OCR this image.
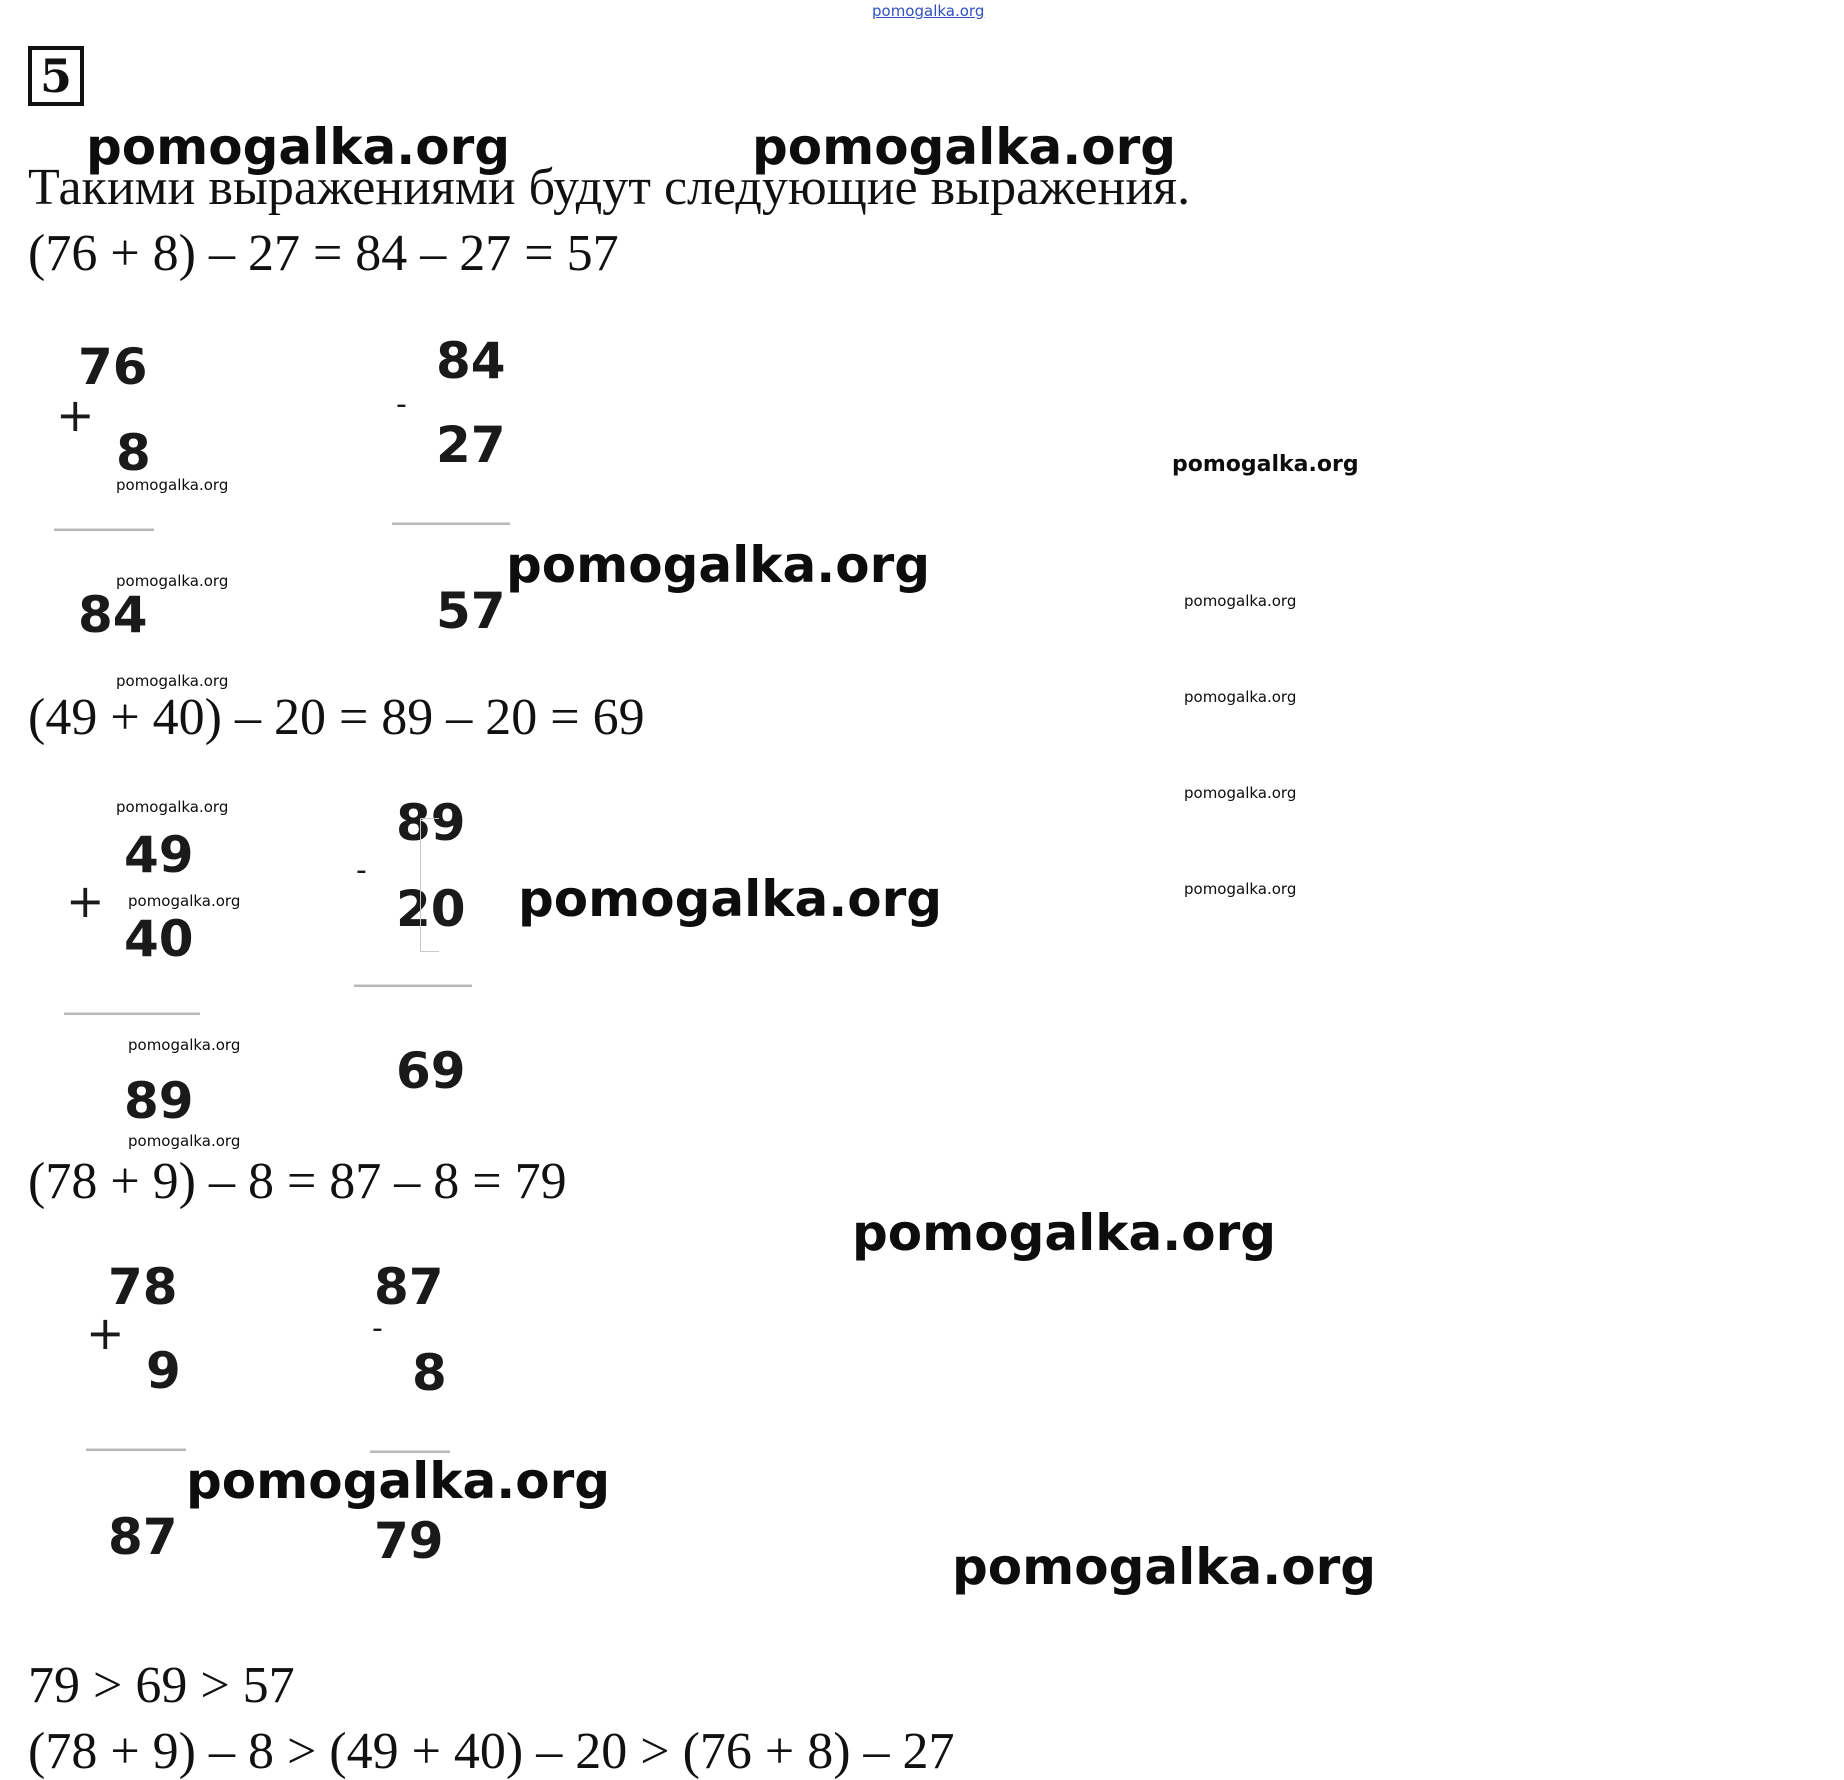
pomogalka.org
5
Такими выражениями будут следующие выражения.
(76 + 8) – 27 = 84 – 27 = 57
76
+
8
84
84
-
27
57
(49 + 40) – 20 = 89 – 20 = 69
49
+
40
89
89
-
20
69
(78 + 9) – 8 = 87 – 8 = 79
78
+
9
87
87
-
8
79
79 > 69 > 57
(78 + 9) – 8 > (49 + 40) – 20 > (76 + 8) – 27
pomogalka.org	pomogalka.org
pomogalka.org
pomogalka.org
pomogalka.org
pomogalka.org
pomogalka.org
pomogalka.org
pomogalka.org
pomogalka.org
pomogalka.org
pomogalka.org
pomogalka.org
pomogalka.org
pomogalka.org
pomogalka.org
pomogalka.org
pomogalka.org
pomogalka.org
